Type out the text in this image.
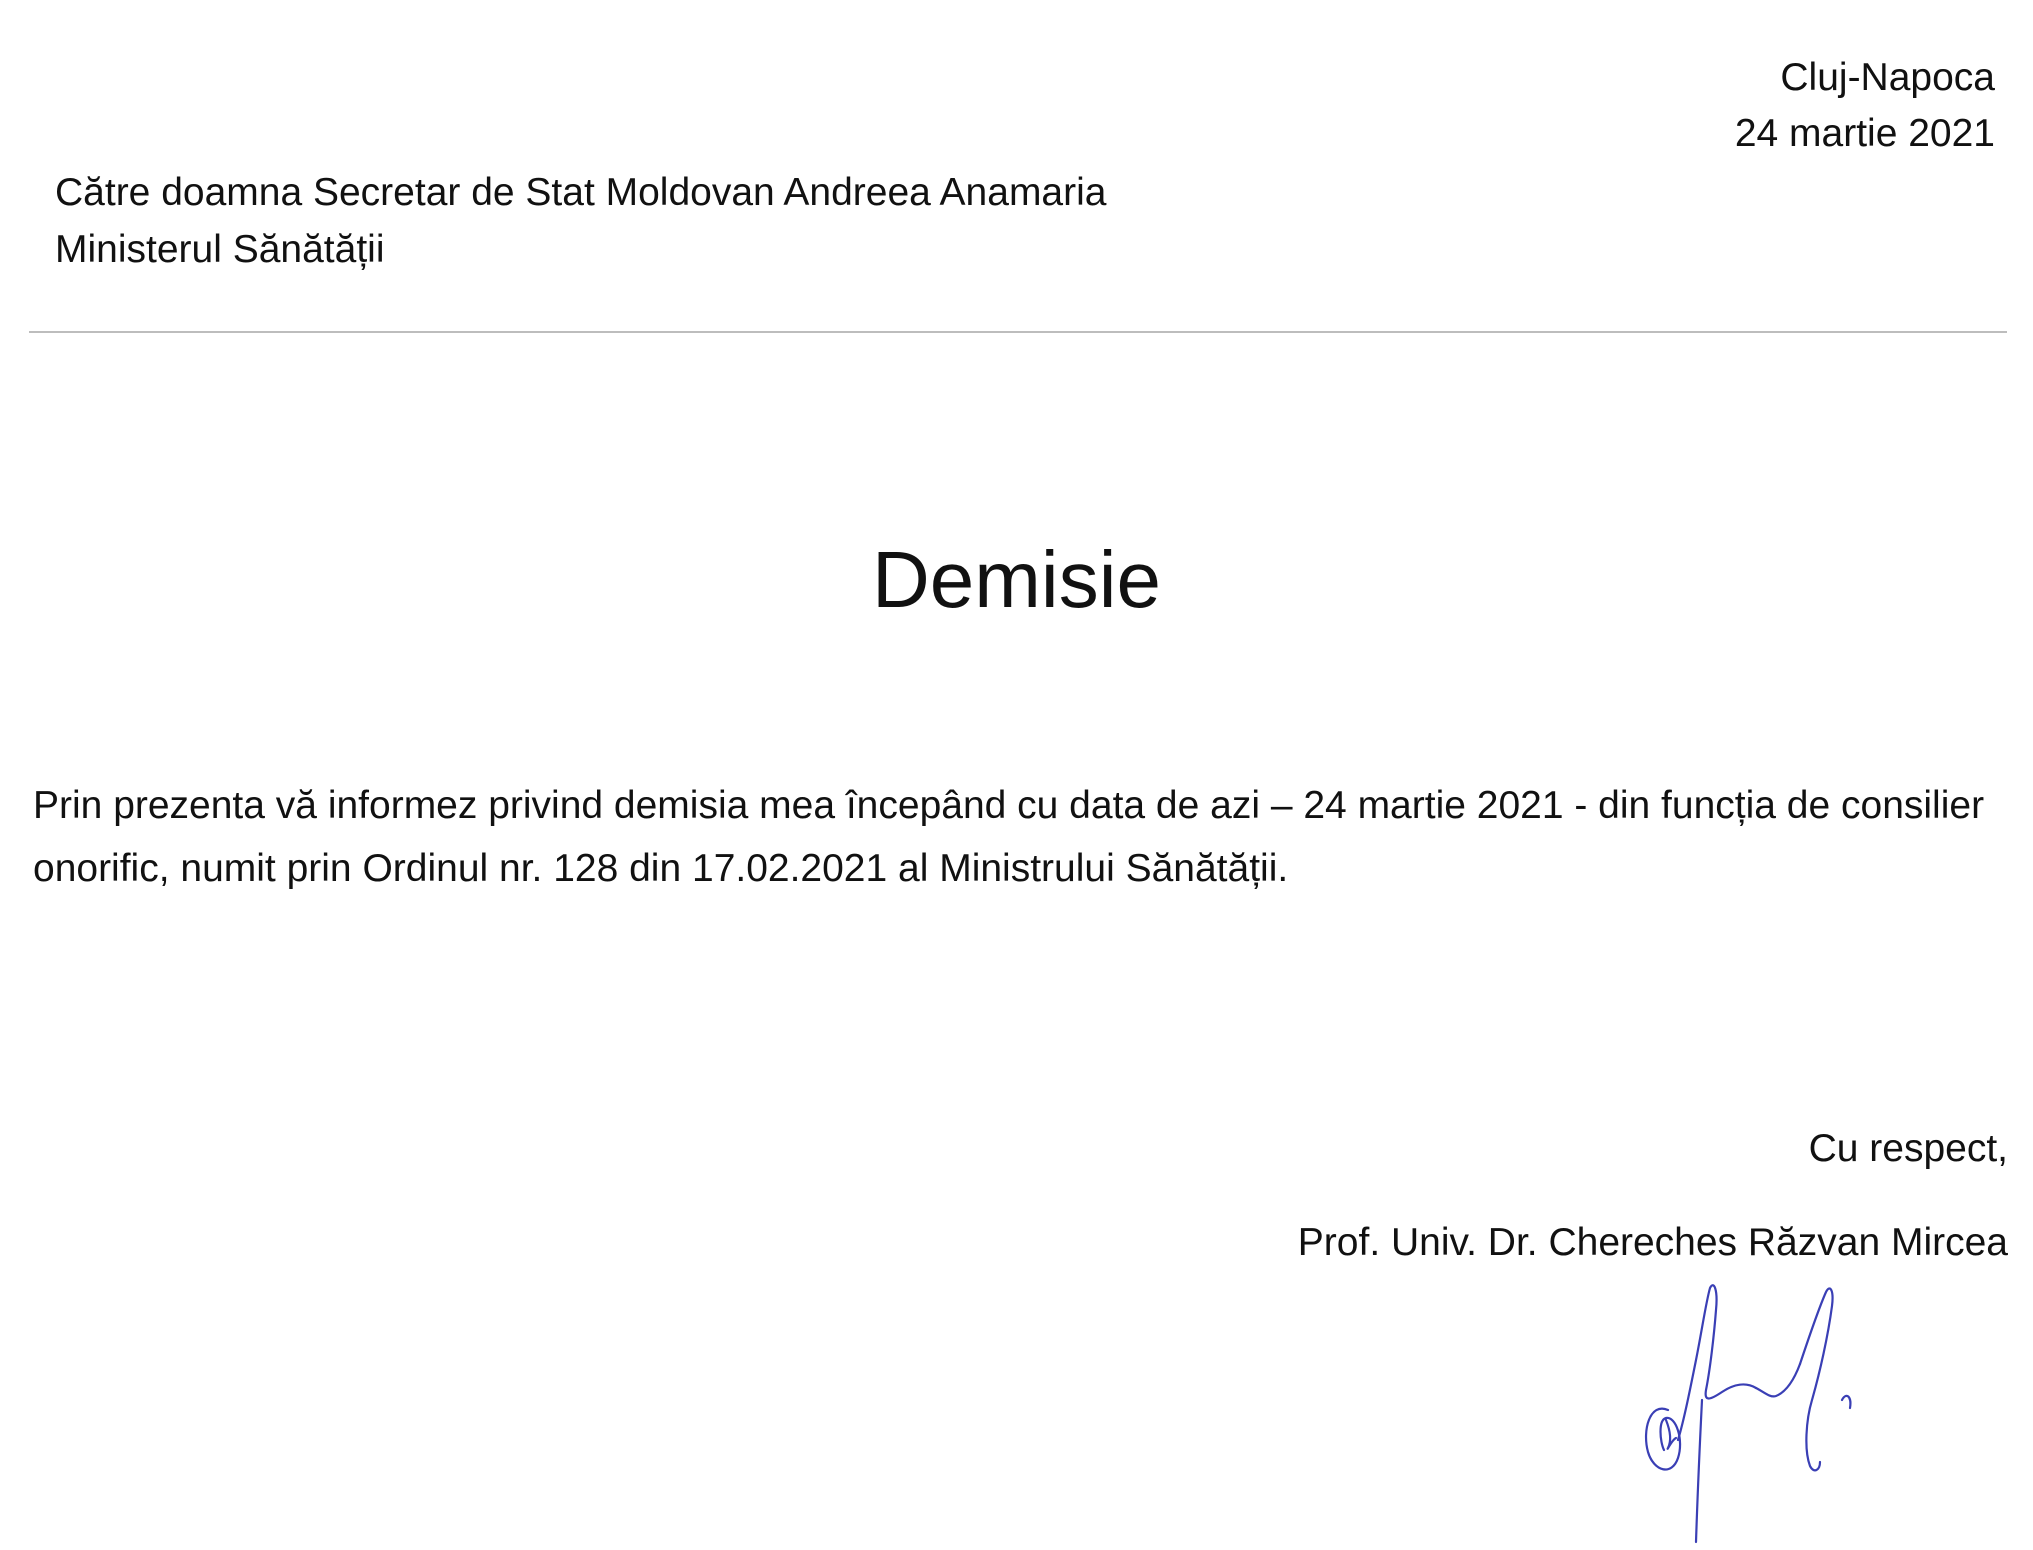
Cluj-Napoca
24 martie 2021
Către doamna Secretar de Stat Moldovan Andreea Anamaria
Ministerul Sănătății
Demisie
Prin prezenta vă informez privind demisia mea începând cu data de azi – 24 martie 2021 - din funcția de consilier onorific, numit prin Ordinul nr. 128 din 17.02.2021 al Ministrului Sănătății.
Cu respect,
Prof. Univ. Dr. Chereches Răzvan Mircea
